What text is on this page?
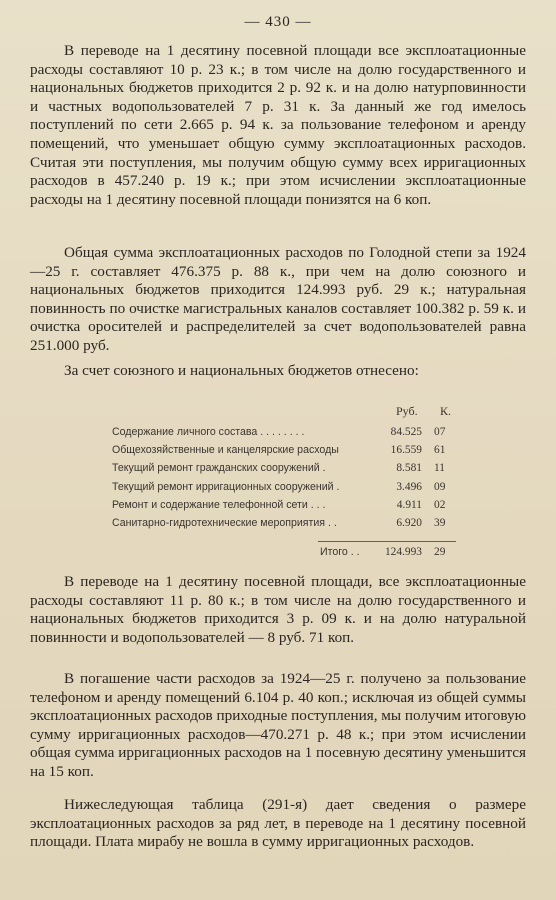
— 430 —

В переводе на 1 десятину посевной площади все эксплоатационные расходы составляют 10 р. 23 к.; в том числе на долю государственного и национальных бюджетов приходится 2 р. 92 к. и на долю натурповинности и частных водопользователей 7 р. 31 к. За данный же год имелось поступлений по сети 2.665 р. 94 к. за пользование телефоном и аренду помещений, что уменьшает общую сумму эксплоатационных расходов. Считая эти поступления, мы получим общую сумму всех ирригационных расходов в 457.240 р. 19 к.; при этом исчислении эксплоатационные расходы на 1 десятину посевной площади понизятся на 6 коп.

Общая сумма эксплоатационных расходов по Голодной степи за 1924—25 г. составляет 476.375 р. 88 к., при чем на долю союзного и национальных бюджетов приходится 124.993 руб. 29 к.; натуральная повинность по очистке магистральных каналов составляет 100.382 р. 59 к. и очистка оросителей и распределителей за счет водопользователей равна 251.000 руб.

За счет союзного и национальных бюджетов отнесено:

Руб. К.
Содержание личного состава . . . . . . . .	84.525 07
Общехозяйственные и канцелярские расходы	16.559 61
Текущий ремонт гражданских сооружений .	8.581 11
Текущий ремонт ирригационных сооружений .	3.496 09
Ремонт и содержание телефонной сети . . .	4.911 02
Санитарно-гидротехнические мероприятия . .	6.920 39
Итого . . 124.993 29

В переводе на 1 десятину посевной площади, все эксплоатационные расходы составляют 11 р. 80 к.; в том числе на долю государственного и национальных бюджетов приходится 3 р. 09 к. и на долю натуральной повинности и водопользователей — 8 руб. 71 коп.

В погашение части расходов за 1924—25 г. получено за пользование телефоном и аренду помещений 6.104 р. 40 коп.; исключая из общей суммы эксплоатационных расходов приходные поступления, мы получим итоговую сумму ирригационных расходов—470.271 р. 48 к.; при этом исчислении общая сумма ирригационных расходов на 1 посевную десятину уменьшится на 15 коп.

Нижеследующая таблица (291-я) дает сведения о размере эксплоатационных расходов за ряд лет, в переводе на 1 десятину посевной площади. Плата мирабу не вошла в сумму ирригационных расходов.
